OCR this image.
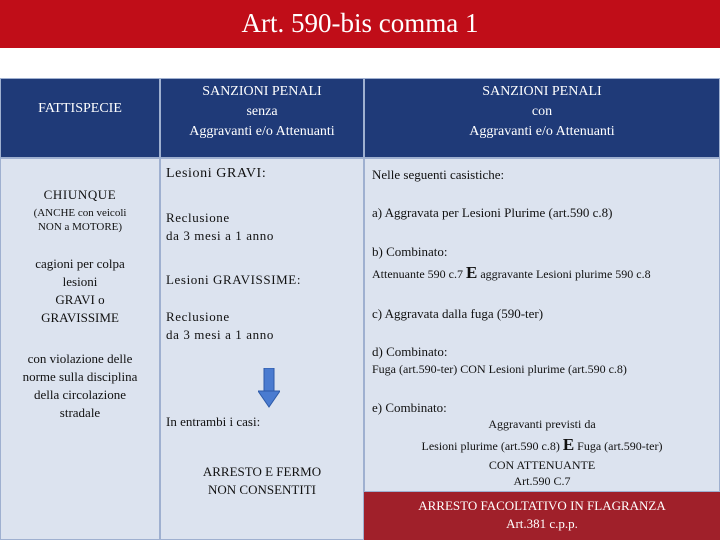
Art. 590-bis comma 1
FATTISPECIE
SANZIONI PENALI
senza
Aggravanti e/o Attenuanti
SANZIONI PENALI
con
Aggravanti e/o Attenuanti
CHIUNQUE
(ANCHE con veicoli
NON a MOTORE)
cagioni per colpa
lesioni
GRAVI o
GRAVISSIME
con violazione delle
norme sulla disciplina
della circolazione
stradale
Lesioni GRAVI:
Reclusione
da 3 mesi a 1 anno
Lesioni GRAVISSIME:
Reclusione
da 3 mesi a 1 anno
In entrambi i casi:
ARRESTO E FERMO
NON CONSENTITI
Nelle seguenti casistiche:
a) Aggravata per Lesioni Plurime (art.590 c.8)
b) Combinato:
Attenuante 590 c.7 E aggravante Lesioni plurime 590 c.8
c) Aggravata dalla fuga (590-ter)
d) Combinato:
Fuga (art.590-ter) CON Lesioni plurime (art.590 c.8)
e) Combinato:
Aggravanti previsti da
Lesioni plurime (art.590 c.8) E Fuga (art.590-ter)
CON ATTENUANTE
Art.590 C.7
ARRESTO FACOLTATIVO IN FLAGRANZA
Art.381 c.p.p.
